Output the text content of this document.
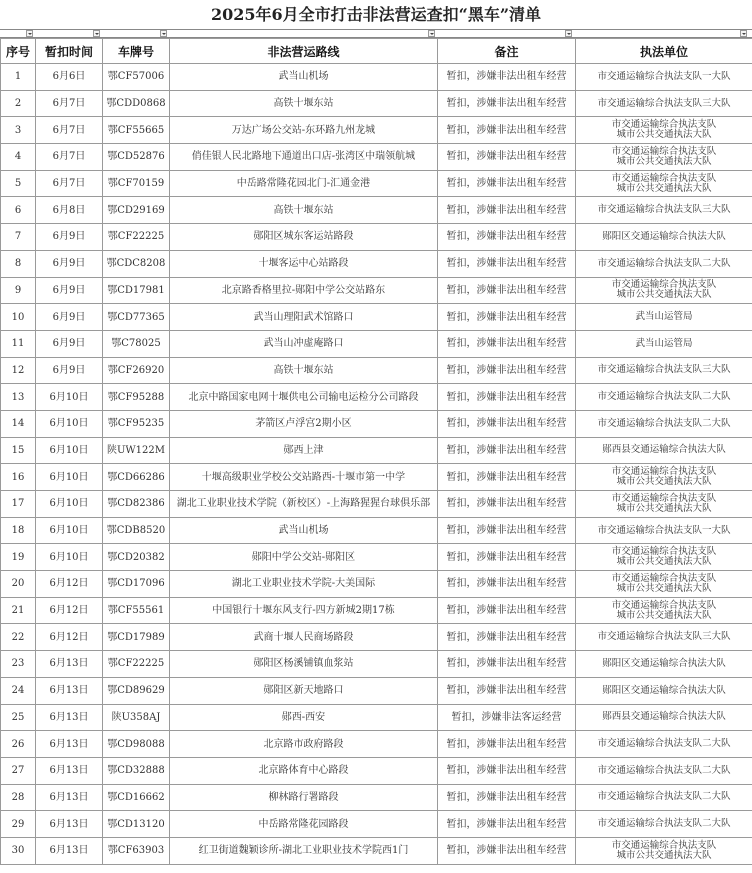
2025年6月全市打击非法营运查扣“黑车”清单
序号	暂扣时间	车牌号	非法营运路线	备注	执法单位
1	6月6日	鄂CF57006	武当山机场	暂扣，涉嫌非法出租车经营	市交通运输综合执法支队一大队

2	6月7日	鄂CDD0868	高铁十堰东站	暂扣，涉嫌非法出租车经营	市交通运输综合执法支队三大队

3	6月7日	鄂CF55665	万达广场公交站-东环路九州龙城	暂扣，涉嫌非法出租车经营	市交通运输综合执法支队
城市公共交通执法大队

4	6月7日	鄂CD52876	俏佳银人民北路地下通道出口店-张湾区中瑞领航城	暂扣，涉嫌非法出租车经营	市交通运输综合执法支队
城市公共交通执法大队

5	6月7日	鄂CF70159	中岳路常隆花园北门-汇通金港	暂扣，涉嫌非法出租车经营	市交通运输综合执法支队
城市公共交通执法大队

6	6月8日	鄂CD29169	高铁十堰东站	暂扣，涉嫌非法出租车经营	市交通运输综合执法支队三大队

7	6月9日	鄂CF22225	郧阳区城东客运站路段	暂扣，涉嫌非法出租车经营	郧阳区交通运输综合执法大队

8	6月9日	鄂CDC8208	十堰客运中心站路段	暂扣，涉嫌非法出租车经营	市交通运输综合执法支队二大队

9	6月9日	鄂CD17981	北京路香格里拉-郧阳中学公交站路东	暂扣，涉嫌非法出租车经营	市交通运输综合执法支队
城市公共交通执法大队

10	6月9日	鄂CD77365	武当山理阳武术馆路口	暂扣，涉嫌非法出租车经营	武当山运管局

11	6月9日	鄂C78025	武当山冲虚庵路口	暂扣，涉嫌非法出租车经营	武当山运管局

12	6月9日	鄂CF26920	高铁十堰东站	暂扣，涉嫌非法出租车经营	市交通运输综合执法支队三大队

13	6月10日	鄂CF95288	北京中路国家电网十堰供电公司输电运检分公司路段	暂扣，涉嫌非法出租车经营	市交通运输综合执法支队二大队

14	6月10日	鄂CF95235	茅箭区卢浮宫2期小区	暂扣，涉嫌非法出租车经营	市交通运输综合执法支队二大队

15	6月10日	陕UW122M	郧西上津	暂扣，涉嫌非法出租车经营	郧西县交通运输综合执法大队

16	6月10日	鄂CD66286	十堰高级职业学校公交站路西-十堰市第一中学	暂扣，涉嫌非法出租车经营	市交通运输综合执法支队
城市公共交通执法大队

17	6月10日	鄂CD82386	湖北工业职业技术学院（新校区）-上海路猩猩台球俱乐部	暂扣，涉嫌非法出租车经营	市交通运输综合执法支队
城市公共交通执法大队

18	6月10日	鄂CDB8520	武当山机场	暂扣，涉嫌非法出租车经营	市交通运输综合执法支队一大队

19	6月10日	鄂CD20382	郧阳中学公交站-郧阳区	暂扣，涉嫌非法出租车经营	市交通运输综合执法支队
城市公共交通执法大队

20	6月12日	鄂CD17096	湖北工业职业技术学院-大美国际	暂扣，涉嫌非法出租车经营	市交通运输综合执法支队
城市公共交通执法大队

21	6月12日	鄂CF55561	中国银行十堰东风支行-四方新城2期17栋	暂扣，涉嫌非法出租车经营	市交通运输综合执法支队
城市公共交通执法大队

22	6月12日	鄂CD17989	武商十堰人民商场路段	暂扣，涉嫌非法出租车经营	市交通运输综合执法支队三大队

23	6月13日	鄂CF22225	郧阳区杨溪铺镇血浆站	暂扣，涉嫌非法出租车经营	郧阳区交通运输综合执法大队

24	6月13日	鄂CD89629	郧阳区新天地路口	暂扣，涉嫌非法出租车经营	郧阳区交通运输综合执法大队

25	6月13日	陕U358AJ	郧西-西安	暂扣，涉嫌非法客运经营	郧西县交通运输综合执法大队

26	6月13日	鄂CD98088	北京路市政府路段	暂扣，涉嫌非法出租车经营	市交通运输综合执法支队二大队

27	6月13日	鄂CD32888	北京路体育中心路段	暂扣，涉嫌非法出租车经营	市交通运输综合执法支队二大队

28	6月13日	鄂CD16662	柳林路行署路段	暂扣，涉嫌非法出租车经营	市交通运输综合执法支队二大队

29	6月13日	鄂CD13120	中岳路常隆花园路段	暂扣，涉嫌非法出租车经营	市交通运输综合执法支队二大队

30	6月13日	鄂CF63903	红卫街道魏颖诊所-湖北工业职业技术学院西1门	暂扣，涉嫌非法出租车经营	市交通运输综合执法支队
城市公共交通执法大队
